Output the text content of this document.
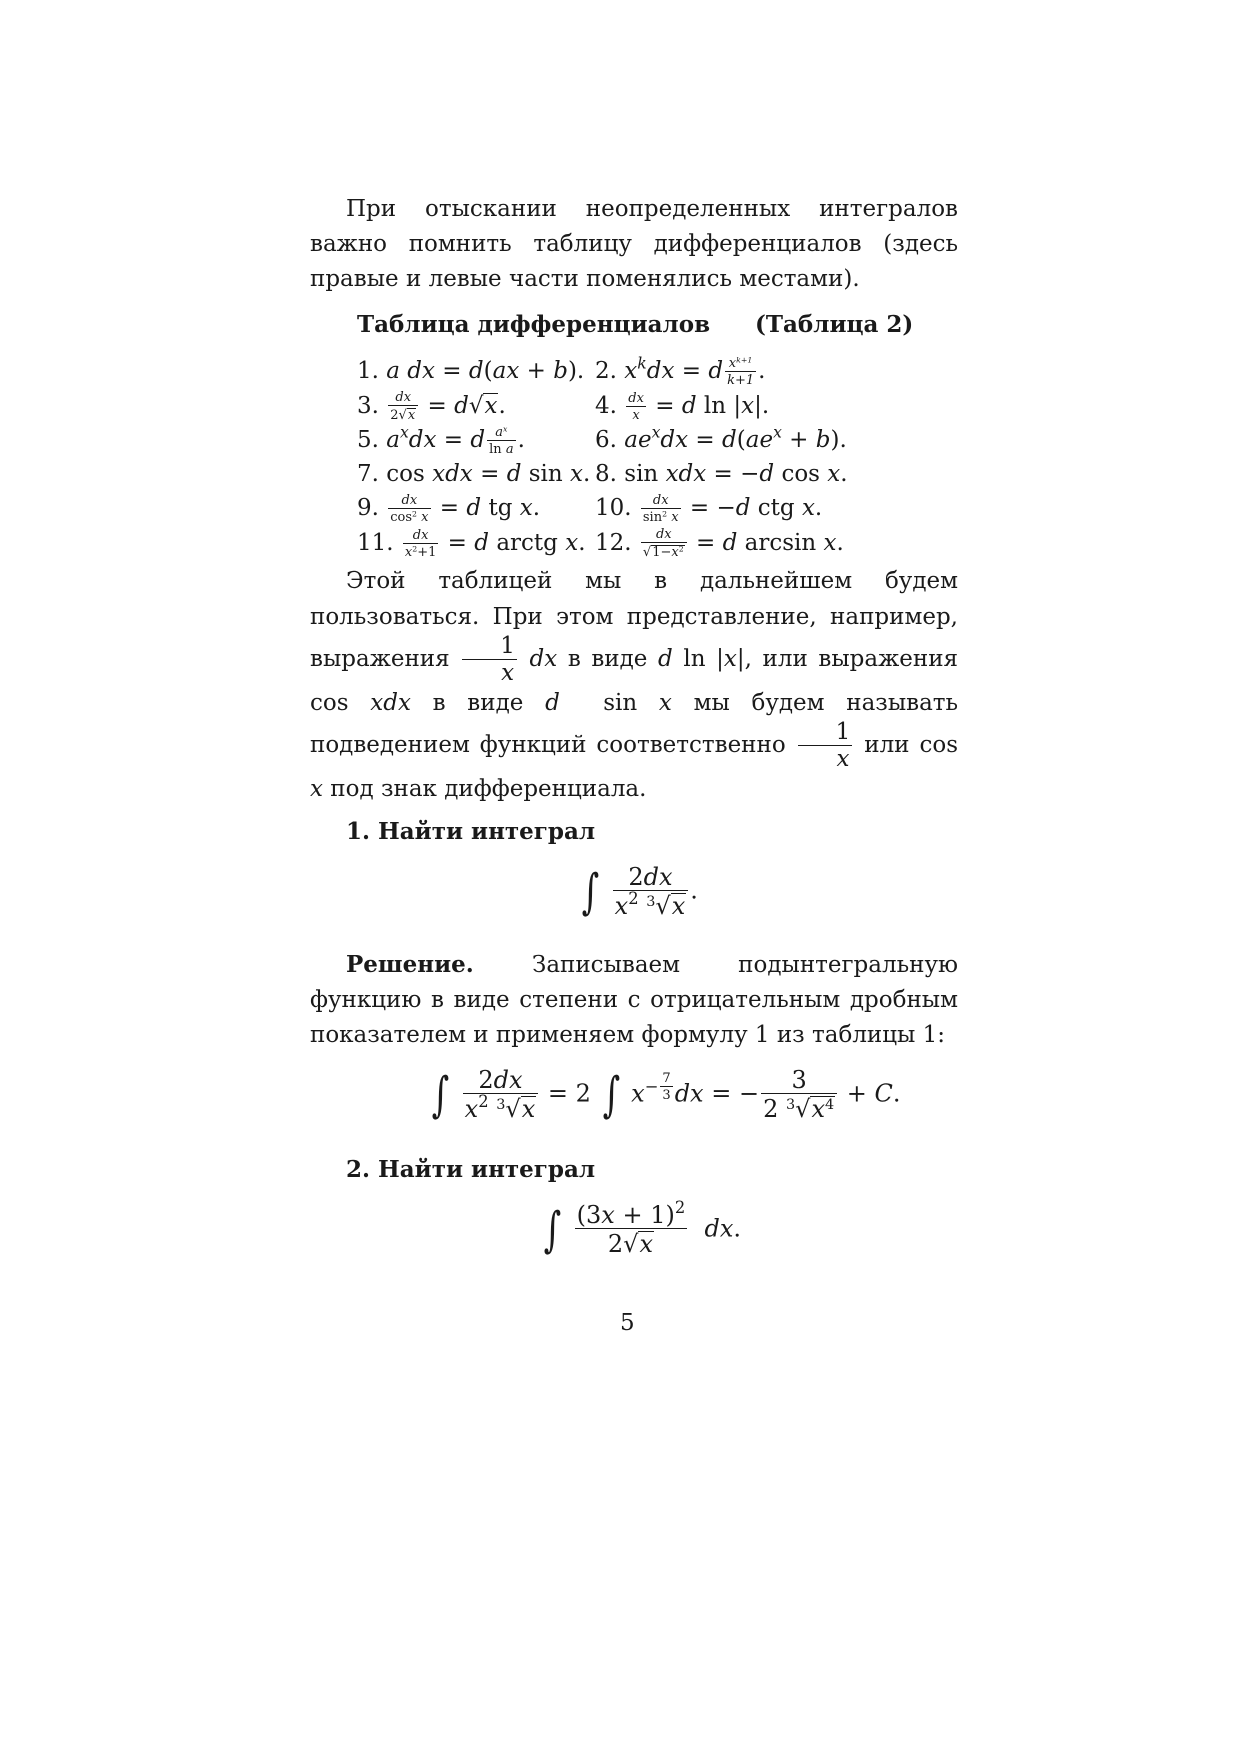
При отыскании неопределенных интегралов важно помнить таблицу дифференциалов (здесь правые и левые части поменялись местами).

Таблица дифференциалов (Таблица 2)
1. a dx = d(ax + b). 2. $x^kdx = d \frac{x^{k+1}}{k+1}$ .
3. $\frac{dx}{2√x} = d√x$.	4. $\frac{dx}{x} = d$ ln |x|.
5. $a^xdx = d \frac{a^x}{\text{ln a}}$ .	6. $ae^xdx = d(ae^x + b)$.
7. cos xdx = d sin x. 8. sin xdx = −d cos x.
9. $\frac{dx}{\cos^2 x} = d$ tg x. 10. $\frac{dx}{\sin^2 x} = -d$ ctg x.
11. $\frac{dx}{x^2+1} = d$ arctg x. 12. $\frac{dx}{√1-x^2} = d$ arcsin x.

Этой таблицей мы в дальнейшем будем пользоваться. При этом представление, например, выражения $\frac{1}{x}$ dx в виде d ln |x|, или выражения cos xdx в виде d  sin x мы будем называть подведением функций соответственно $\frac{1}{x}$ или cos x под знак дифференциала.

1. Найти интеграл
∫ $\frac{2dx}{x^2 ^3√x}$ .

Решение.	Записываем подынтегральную функцию в виде степени с отрицательным дробным показателем и применяем формулу 1 из таблицы 1:

∫ $\frac{2dx}{x^2 ^3√x} = 2$ ∫ $x^{- \frac{7}{3}}$ dx = − $\frac{3}{2 ^3√x^4} + C$.
2. Найти интеграл
∫ $\frac{(3x + 1)^2}{2√x}$ dx.
5
